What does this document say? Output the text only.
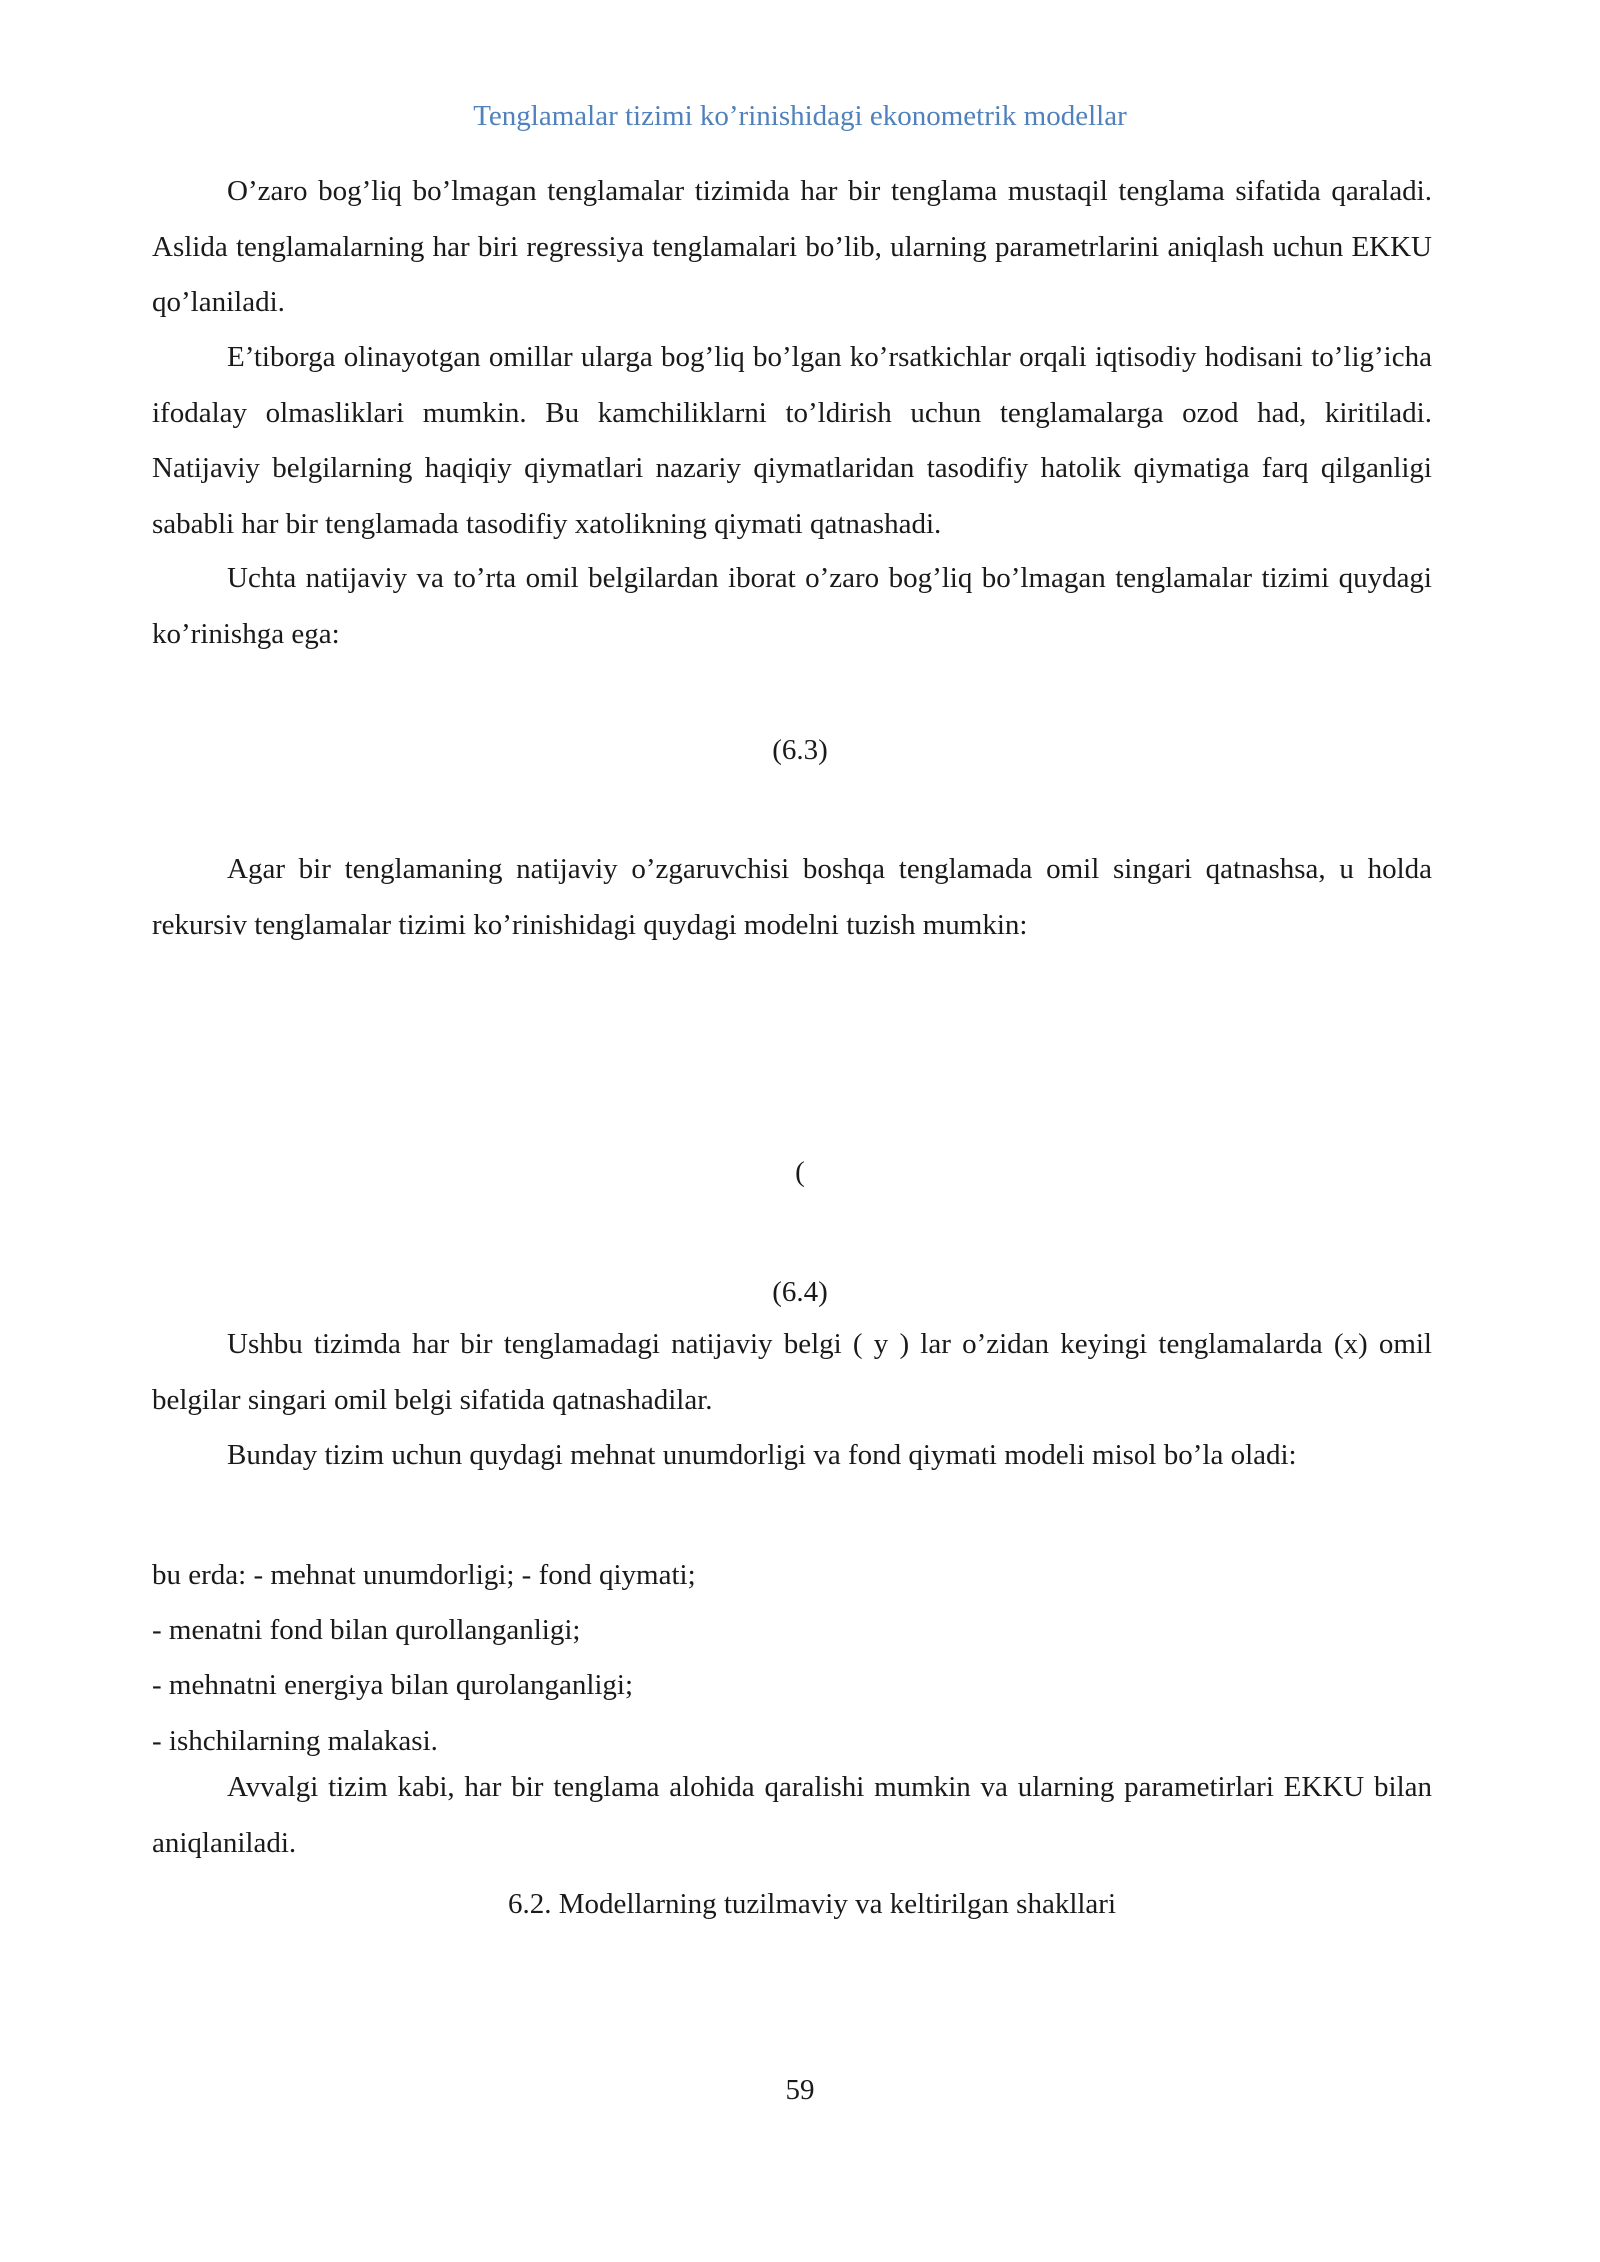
Tenglamalar tizimi ko’rinishidagi ekonometrik modellar

O’zaro bog’liq bo’lmagan tenglamalar tizimida har bir tenglama mustaqil tenglama sifatida qaraladi. Aslida tenglamalarning har biri regressiya tenglamalari bo’lib, ularning parametrlarini aniqlash uchun EKKU qo’laniladi.

E’tiborga olinayotgan omillar ularga bog’liq bo’lgan ko’rsatkichlar orqali iqtisodiy hodisani to’lig’icha ifodalay olmasliklari mumkin. Bu kamchiliklarni to’ldirish uchun tenglamalarga ozod had, kiritiladi. Natijaviy belgilarning haqiqiy qiymatlari nazariy qiymatlaridan tasodifiy hatolik qiymatiga farq qilganligi sababli har bir tenglamada tasodifiy xatolikning qiymati qatnashadi.

Uchta natijaviy va to’rta omil belgilardan iborat o’zaro bog’liq bo’lmagan tenglamalar tizimi quydagi ko’rinishga ega:

(6.3)

Agar bir tenglamaning natijaviy o’zgaruvchisi boshqa tenglamada omil singari qatnashsa, u holda rekursiv tenglamalar tizimi ko’rinishidagi quydagi modelni tuzish mumkin:

(
(6.4)

Ushbu tizimda har bir tenglamadagi natijaviy belgi ( y ) lar o’zidan keyingi tenglamalarda (x) omil belgilar singari omil belgi sifatida qatnashadilar.

Bunday tizim uchun quydagi mehnat unumdorligi va fond qiymati modeli misol bo’la oladi:

bu erda: - mehnat unumdorligi; - fond qiymati;

- menatni fond bilan qurollanganligi;

- mehnatni energiya bilan qurolanganligi;

- ishchilarning malakasi.

Avvalgi tizim kabi, har bir tenglama alohida qaralishi mumkin va ularning parametirlari EKKU bilan aniqlaniladi.

6.2. Modellarning tuzilmaviy va keltirilgan shakllari
59
